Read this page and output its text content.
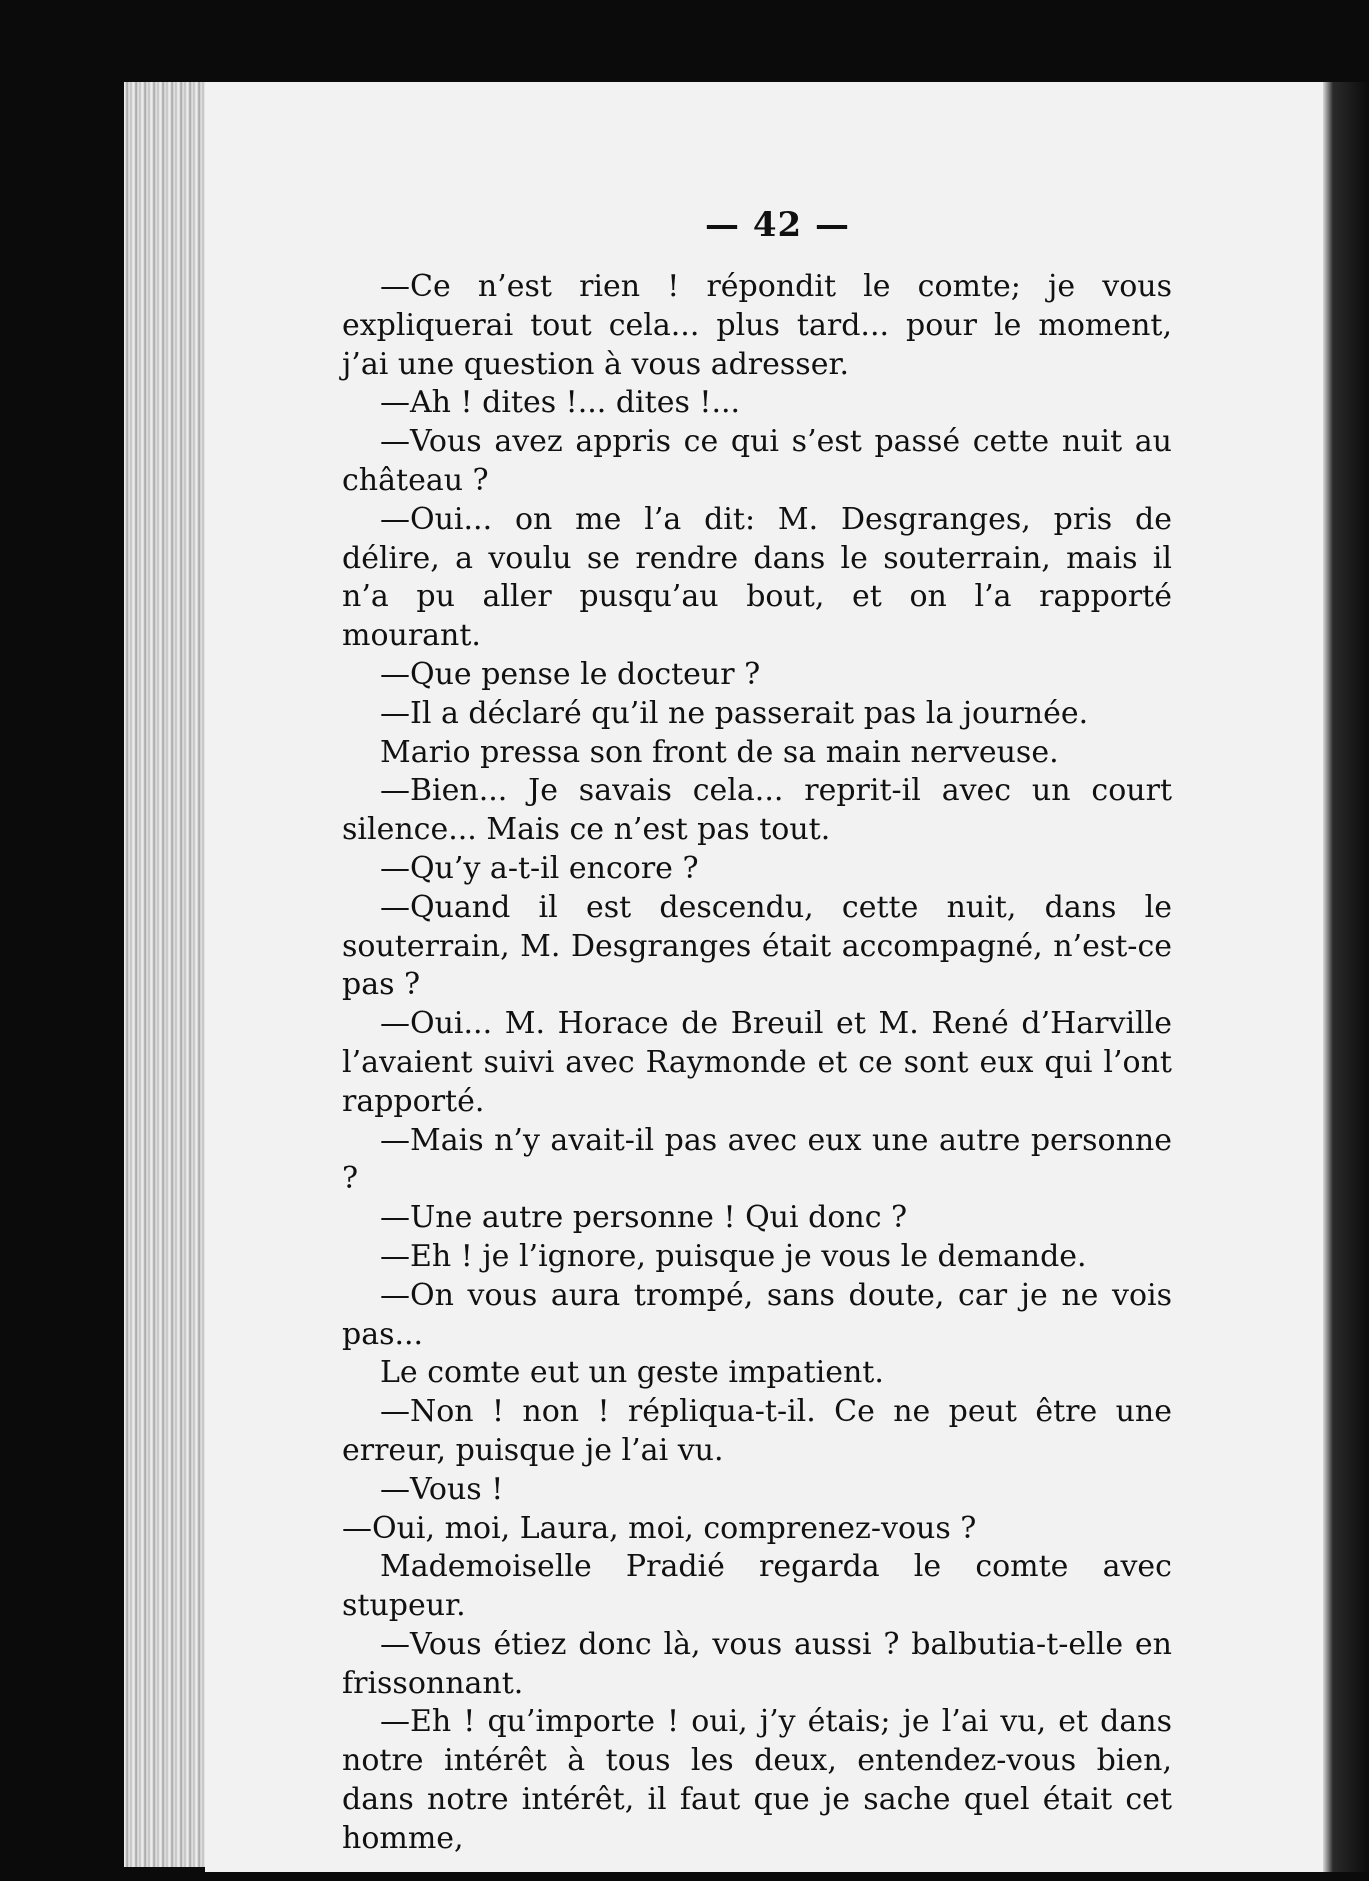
— 42 —

—Ce n’est rien ! répondit le comte; je vous expliquerai tout cela... plus tard... pour le moment, j’ai une question à vous adresser.

—Ah ! dites !... dites !...

—Vous avez appris ce qui s’est passé cette nuit au château ?

—Oui... on me l’a dit: M. Desgranges, pris de délire, a voulu se rendre dans le souterrain, mais il n’a pu aller pusqu’au bout, et on l’a rapporté mourant.

—Que pense le docteur ?

—Il a déclaré qu’il ne passerait pas la journée.

Mario pressa son front de sa main nerveuse.

—Bien... Je savais cela... reprit-il avec un court silence... Mais ce n’est pas tout.

—Qu’y a-t-il encore ?

—Quand il est descendu, cette nuit, dans le souterrain, M. Desgranges était accompagné, n’est-ce pas ?

—Oui... M. Horace de Breuil et M. René d’Harville l’avaient suivi avec Raymonde et ce sont eux qui l’ont rapporté.

—Mais n’y avait-il pas avec eux une autre personne ?

—Une autre personne ! Qui donc ?

—Eh ! je l’ignore, puisque je vous le demande.

—On vous aura trompé, sans doute, car je ne vois pas...

Le comte eut un geste impatient.

—Non ! non ! répliqua-t-il. Ce ne peut être une erreur, puisque je l’ai vu.

—Vous !

—Oui, moi, Laura, moi, comprenez-vous ?

Mademoiselle Pradié regarda le comte avec stupeur.

—Vous étiez donc là, vous aussi ? balbutia-t-elle en frissonnant.

—Eh ! qu’importe ! oui, j’y étais; je l’ai vu, et dans notre intérêt à tous les deux, entendez-vous bien, dans notre intérêt, il faut que je sache quel était cet homme,
